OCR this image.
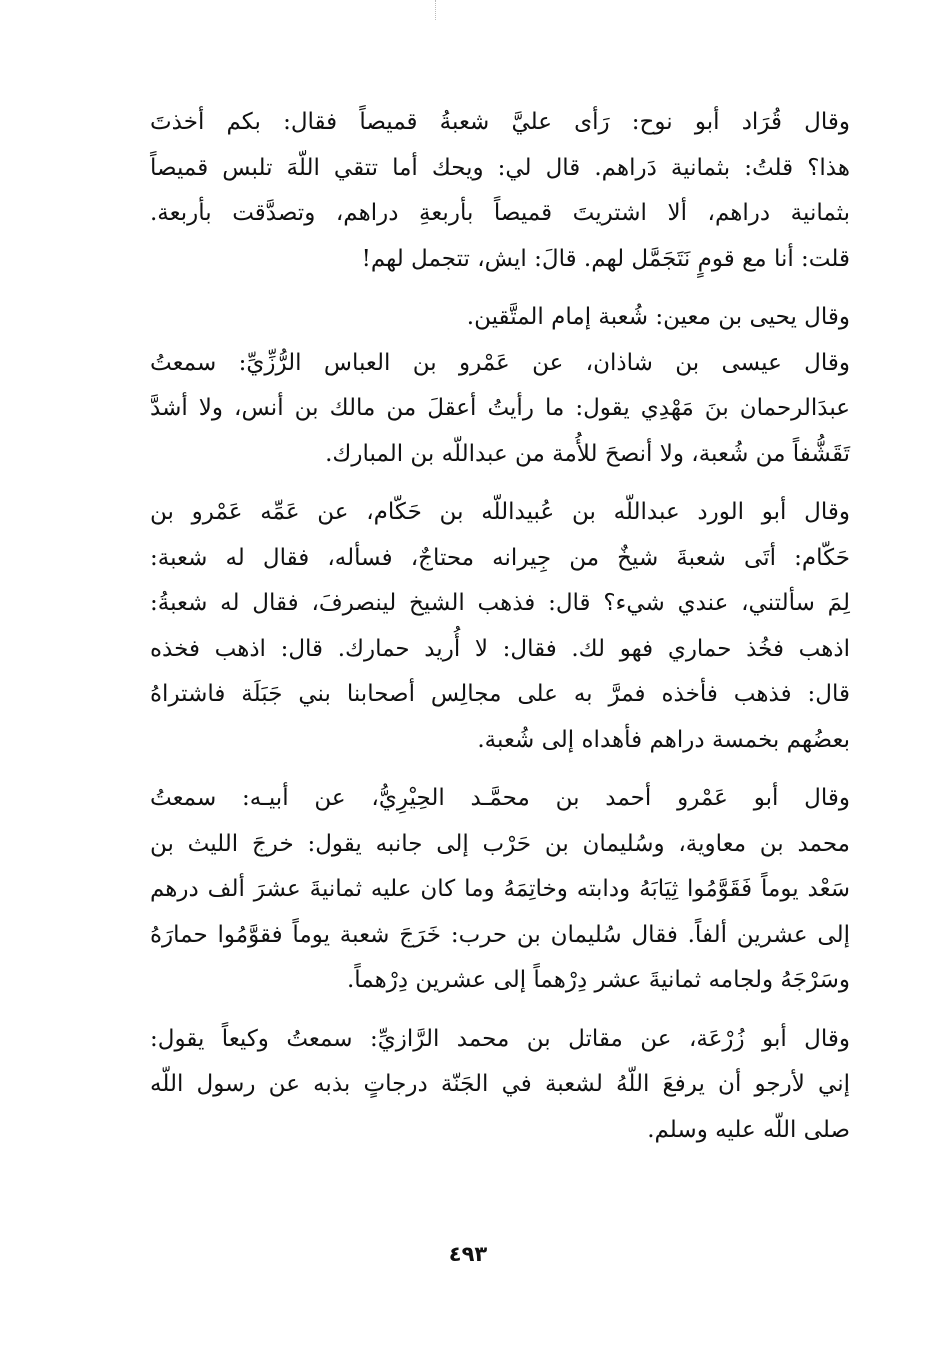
وقال قُرَاد أبو نوح: رَأى عليَّ شعبةُ قميصاً فقال: بكم أخذتَ
هذا؟ قلتُ: بثمانية دَراهم. قال لي: ويحك أما تتقي اللّهَ تلبس قميصاً
بثمانية دراهم، ألا اشتريتَ قميصاً بأربعةِ دراهم، وتصدَّقت بأربعة.
قلت: أنا مع قومٍ نَتَجَمَّل لهم. قالَ: ايش، تتجمل لهم!

وقال يحيى بن معين: شُعبة إمام المتَّقين.

وقال عيسى بن شاذان، عن عَمْرو بن العباس الرُّزِّيِّ: سمعتُ
عبدَالرحمان بنَ مَهْدِي يقول: ما رأيتُ أعقلَ من مالك بن أنس، ولا أشدَّ
تَقَشُّفاً من شُعبة، ولا أنصحَ للأُمة من عبداللّه بن المبارك.

وقال أبو الورد عبداللّه بن عُبيداللّه بن حَكّام، عن عَمِّه عَمْرو بن
حَكّام: أتَى شعبةَ شيخٌ من جِيرانه محتاجٌ، فسأله، فقال له شعبة:
لِمَ سألتني، عندي شيء؟ قال: فذهب الشيخ لينصرفَ، فقال له شعبةُ:
اذهب فخُذ حماري فهو لك. فقال: لا أُريد حمارك. قال: اذهب فخذه
قال: فذهب فأخذه فمرَّ به على مجالِس أصحابنا بني جَبَلَة فاشتراهُ
بعضُهم بخمسة دراهم فأهداه إلى شُعبة.

وقال أبو عَمْرو أحمد بن محمَّـد الحِيْرِيُّ، عن أبيـه: سمعتُ
محمد بن معاوية، وسُليمان بن حَرْب إلى جانبه يقول: خرجَ الليث بن
سَعْد يوماً فَقَوَّمُوا ثِيَابَهُ ودابته وخاتِمَهُ وما كان عليه ثمانيةَ عشرَ ألف درهم
إلى عشرين ألفاً. فقال سُليمان بن حرب: خَرَجَ شعبة يوماً فقوَّمُوا حمارَهُ
وسَرْجَهُ ولجامه ثمانيةَ عشر دِرْهماً إلى عشرين دِرْهماً.

وقال أبو زُرْعَة، عن مقاتل بن محمد الرَّازيِّ: سمعتُ وكيعاً يقول:
إني لأرجو أن يرفعَ اللّهُ لشعبة في الجَنّة درجاتٍ بذبه عن رسول اللّه
صلى اللّه عليه وسلم.

٤٩٣
